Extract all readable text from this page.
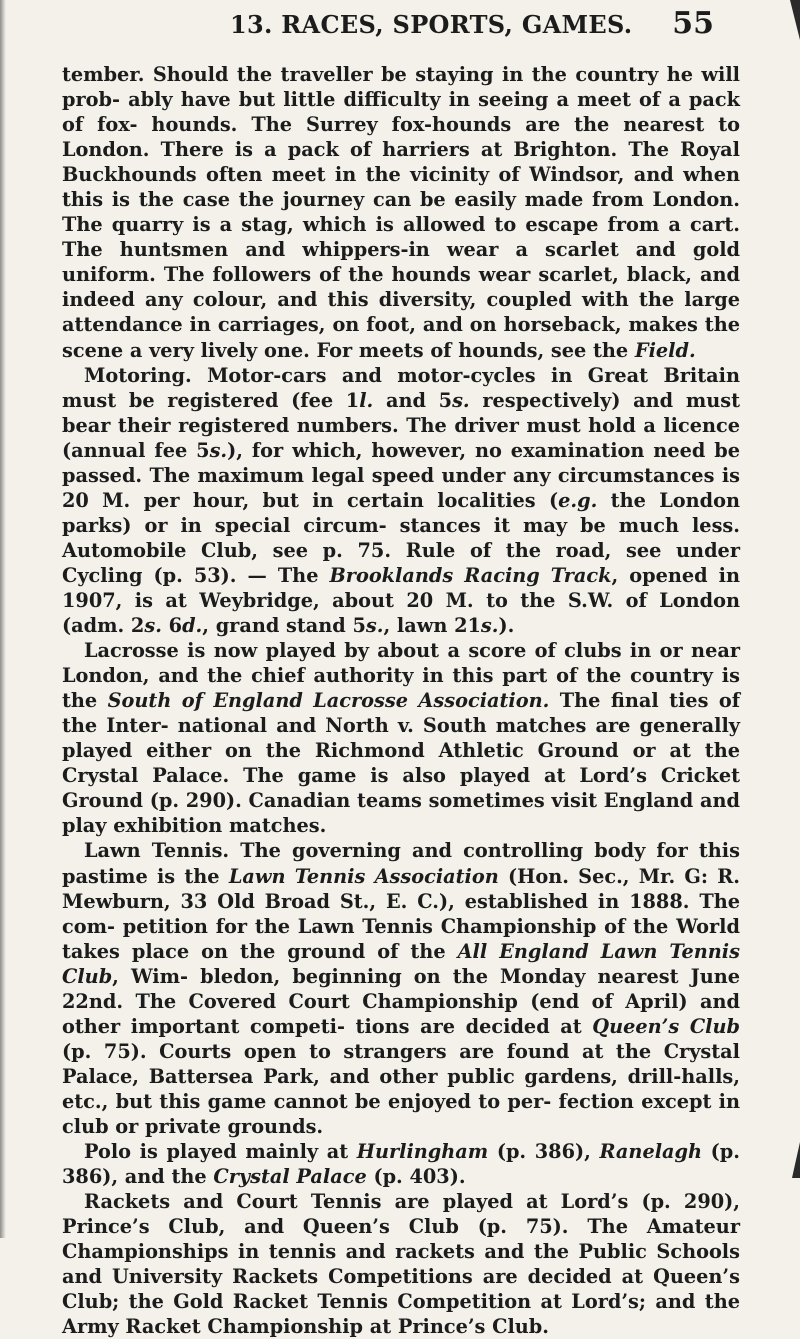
13. RACES, SPORTS, GAMES. 55

tember. Should the traveller be staying in the country he will prob- ably have but little difficulty in seeing a meet of a pack of fox- hounds. The Surrey fox-hounds are the nearest to London. There is a pack of harriers at Brighton. The Royal Buckhounds often meet in the vicinity of Windsor, and when this is the case the journey can be easily made from London. The quarry is a stag, which is allowed to escape from a cart. The huntsmen and whippers-in wear a scarlet and gold uniform. The followers of the hounds wear scarlet, black, and indeed any colour, and this diversity, coupled with the large attendance in carriages, on foot, and on horseback, makes the scene a very lively one. For meets of hounds, see the Field.

Motoring. Motor-cars and motor-cycles in Great Britain must be registered (fee 1l. and 5s. respectively) and must bear their registered numbers. The driver must hold a licence (annual fee 5s.), for which, however, no examination need be passed. The maximum legal speed under any circumstances is 20 M. per hour, but in certain localities (e.g. the London parks) or in special circum- stances it may be much less. Automobile Club, see p. 75. Rule of the road, see under Cycling (p. 53). — The Brooklands Racing Track, opened in 1907, is at Weybridge, about 20 M. to the S.W. of London (adm. 2s. 6d., grand stand 5s., lawn 21s.).

Lacrosse is now played by about a score of clubs in or near London, and the chief authority in this part of the country is the South of England Lacrosse Association. The final ties of the Inter- national and North v. South matches are generally played either on the Richmond Athletic Ground or at the Crystal Palace. The game is also played at Lord’s Cricket Ground (p. 290). Canadian teams sometimes visit England and play exhibition matches.

Lawn Tennis. The governing and controlling body for this pastime is the Lawn Tennis Association (Hon. Sec., Mr. G: R. Mewburn, 33 Old Broad St., E. C.), established in 1888. The com- petition for the Lawn Tennis Championship of the World takes place on the ground of the All England Lawn Tennis Club, Wim- bledon, beginning on the Monday nearest June 22nd. The Covered Court Championship (end of April) and other important competi- tions are decided at Queen’s Club (p. 75). Courts open to strangers are found at the Crystal Palace, Battersea Park, and other public gardens, drill-halls, etc., but this game cannot be enjoyed to per- fection except in club or private grounds.

Polo is played mainly at Hurlingham (p. 386), Ranelagh (p. 386), and the Crystal Palace (p. 403).

Rackets and Court Tennis are played at Lord’s (p. 290), Prince’s Club, and Queen’s Club (p. 75). The Amateur Championships in tennis and rackets and the Public Schools and University Rackets Competitions are decided at Queen’s Club; the Gold Racket Tennis Competition at Lord’s; and the Army Racket Championship at Prince’s Club.
